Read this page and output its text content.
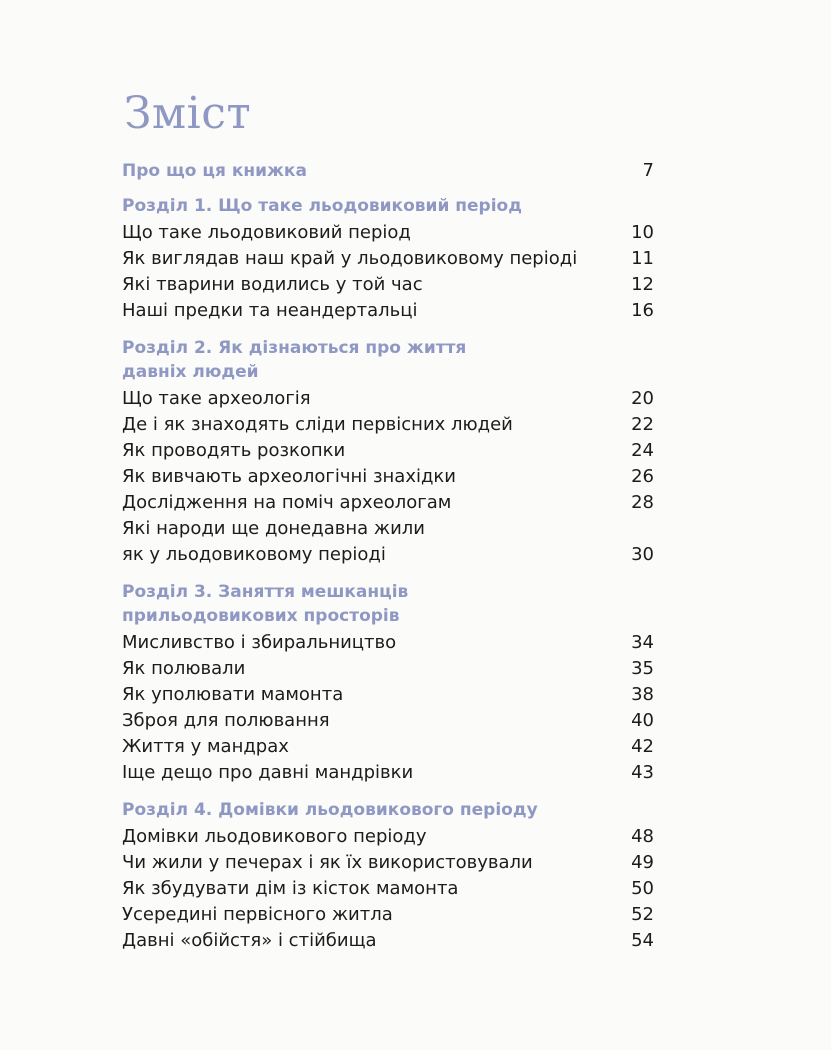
Зміст
Про що ця книжка	7
Розділ 1. Що таке льодовиковий період
Що таке льодовиковий період	10
Як виглядав наш край у льодовиковому періоді	11
Які тварини водились у той час	12
Наші предки та неандертальці	16
Розділ 2. Як дізнаються про життя
давніх людей
Що таке археологія	20
Де і як знаходять сліди первісних людей	22
Як проводять розкопки	24
Як вивчають археологічні знахідки	26
Дослідження на поміч археологам	28
Які народи ще донедавна жили
як у льодовиковому періоді	30
Розділ 3. Заняття мешканців
прильодовикових просторів
Мисливство і збиральництво	34
Як полювали	35
Як уполювати мамонта	38
Зброя для полювання	40
Життя у мандрах	42
Іще дещо про давні мандрівки	43
Розділ 4. Домівки льодовикового періоду
Домівки льодовикового періоду	48
Чи жили у печерах і як їх використовували	49
Як збудувати дім із кісток мамонта	50
Усередині первісного житла	52
Давні «обійстя» і стійбища	54
